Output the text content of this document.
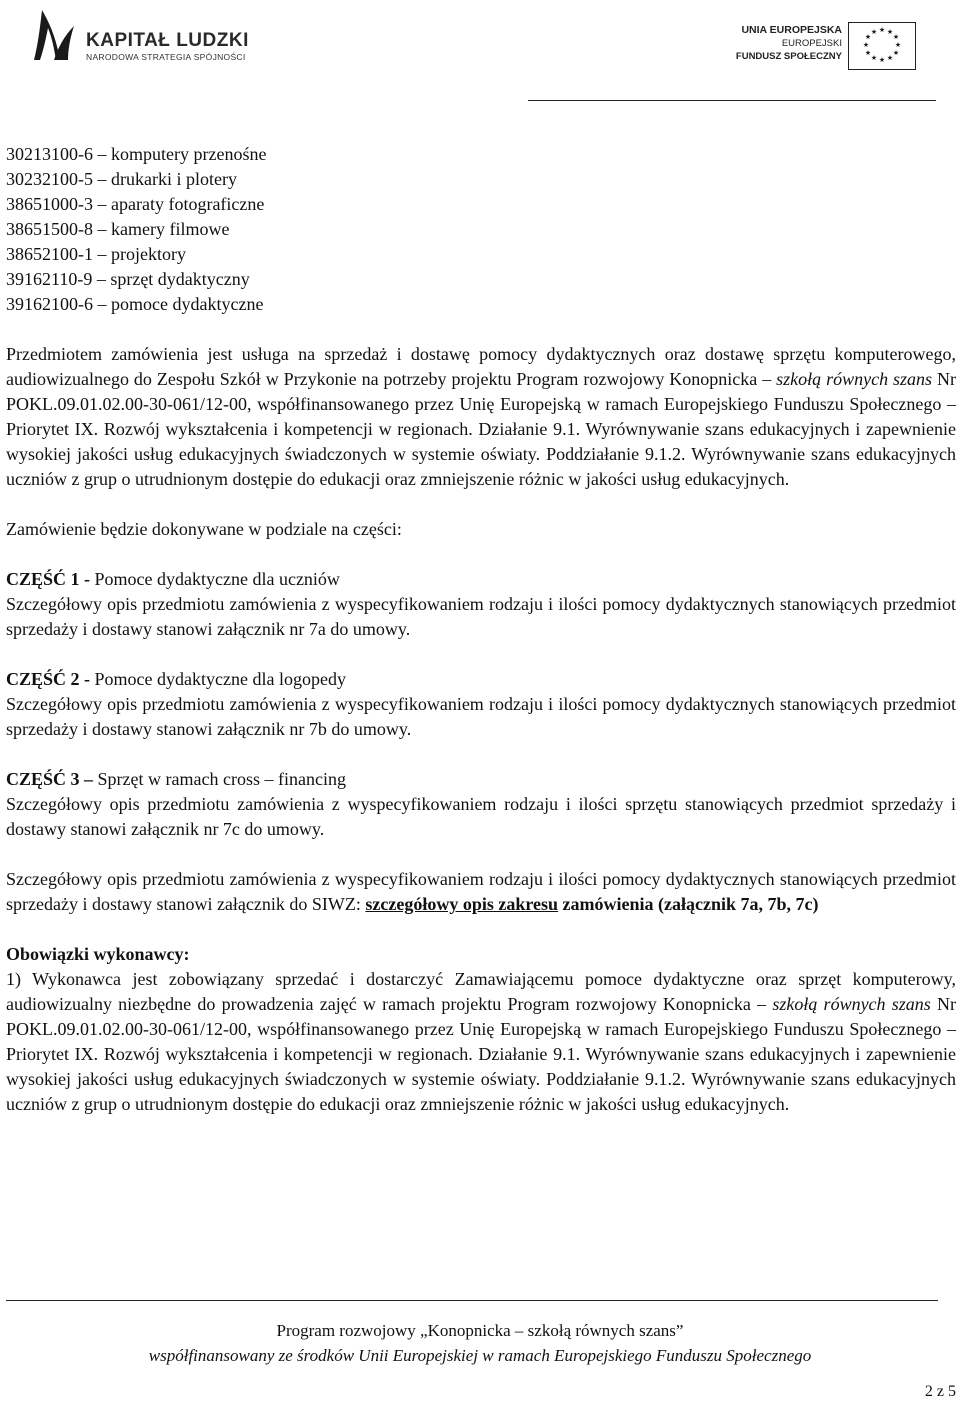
KAPITAŁ LUDZKI
NARODOWA STRATEGIA SPÓJNOŚCI
UNIA EUROPEJSKA
EUROPEJSKI
FUNDUSZ SPOŁECZNY
★ ★
★
★
★
★
★
★
★
★
★
★
30213100-6 – komputery przenośne
30232100-5 – drukarki i plotery
38651000-3 – aparaty fotograficzne
38651500-8 – kamery filmowe
38652100-1 – projektory
39162110-9 – sprzęt dydaktyczny
39162100-6 – pomoce dydaktyczne

Przedmiotem zamówienia jest usługa na sprzedaż i dostawę pomocy dydaktycznych oraz dostawę sprzętu komputerowego, audiowizualnego do Zespołu Szkół w Przykonie na potrzeby projektu Program rozwojowy Konopnicka – szkołą równych szans Nr POKL.09.01.02.00-30-061/12-00, współfinansowanego przez Unię Europejską w ramach Europejskiego Funduszu Społecznego – Priorytet IX. Rozwój wykształcenia i kompetencji w regionach. Działanie 9.1. Wyrównywanie szans edukacyjnych i zapewnienie wysokiej jakości usług edukacyjnych świadczonych w systemie oświaty. Poddziałanie 9.1.2. Wyrównywanie szans edukacyjnych uczniów z grup o utrudnionym dostępie do edukacji oraz zmniejszenie różnic w jakości usług edukacyjnych.

Zamówienie będzie dokonywane w podziale na części:

CZĘŚĆ 1 - Pomoce dydaktyczne dla uczniów

Szczegółowy opis przedmiotu zamówienia z wyspecyfikowaniem rodzaju i ilości pomocy dydaktycznych stanowiących przedmiot sprzedaży i dostawy stanowi załącznik nr 7a do umowy.

CZĘŚĆ 2 - Pomoce dydaktyczne dla logopedy

Szczegółowy opis przedmiotu zamówienia z wyspecyfikowaniem rodzaju i ilości pomocy dydaktycznych stanowiących przedmiot sprzedaży i dostawy stanowi załącznik nr 7b do umowy.

CZĘŚĆ 3 – Sprzęt w ramach cross – financing

Szczegółowy opis przedmiotu zamówienia z wyspecyfikowaniem rodzaju i ilości sprzętu stanowiących przedmiot sprzedaży i dostawy stanowi załącznik nr 7c do umowy.

Szczegółowy opis przedmiotu zamówienia z wyspecyfikowaniem rodzaju i ilości pomocy dydaktycznych stanowiących przedmiot sprzedaży i dostawy stanowi załącznik do SIWZ: szczegółowy opis zakresu zamówienia (załącznik 7a, 7b, 7c)

Obowiązki wykonawcy:

1) Wykonawca jest zobowiązany sprzedać i dostarczyć Zamawiającemu pomoce dydaktyczne oraz sprzęt komputerowy, audiowizualny niezbędne do prowadzenia zajęć w ramach projektu Program rozwojowy Konopnicka – szkołą równych szans Nr POKL.09.01.02.00-30-061/12-00, współfinansowanego przez Unię Europejską w ramach Europejskiego Funduszu Społecznego – Priorytet IX. Rozwój wykształcenia i kompetencji w regionach. Działanie 9.1. Wyrównywanie szans edukacyjnych i zapewnienie wysokiej jakości usług edukacyjnych świadczonych w systemie oświaty. Poddziałanie 9.1.2. Wyrównywanie szans edukacyjnych uczniów z grup o utrudnionym dostępie do edukacji oraz zmniejszenie różnic w jakości usług edukacyjnych.

Program rozwojowy „Konopnicka – szkołą równych szans”
współfinansowany ze środków Unii Europejskiej w ramach Europejskiego Funduszu Społecznego
2 z 5
